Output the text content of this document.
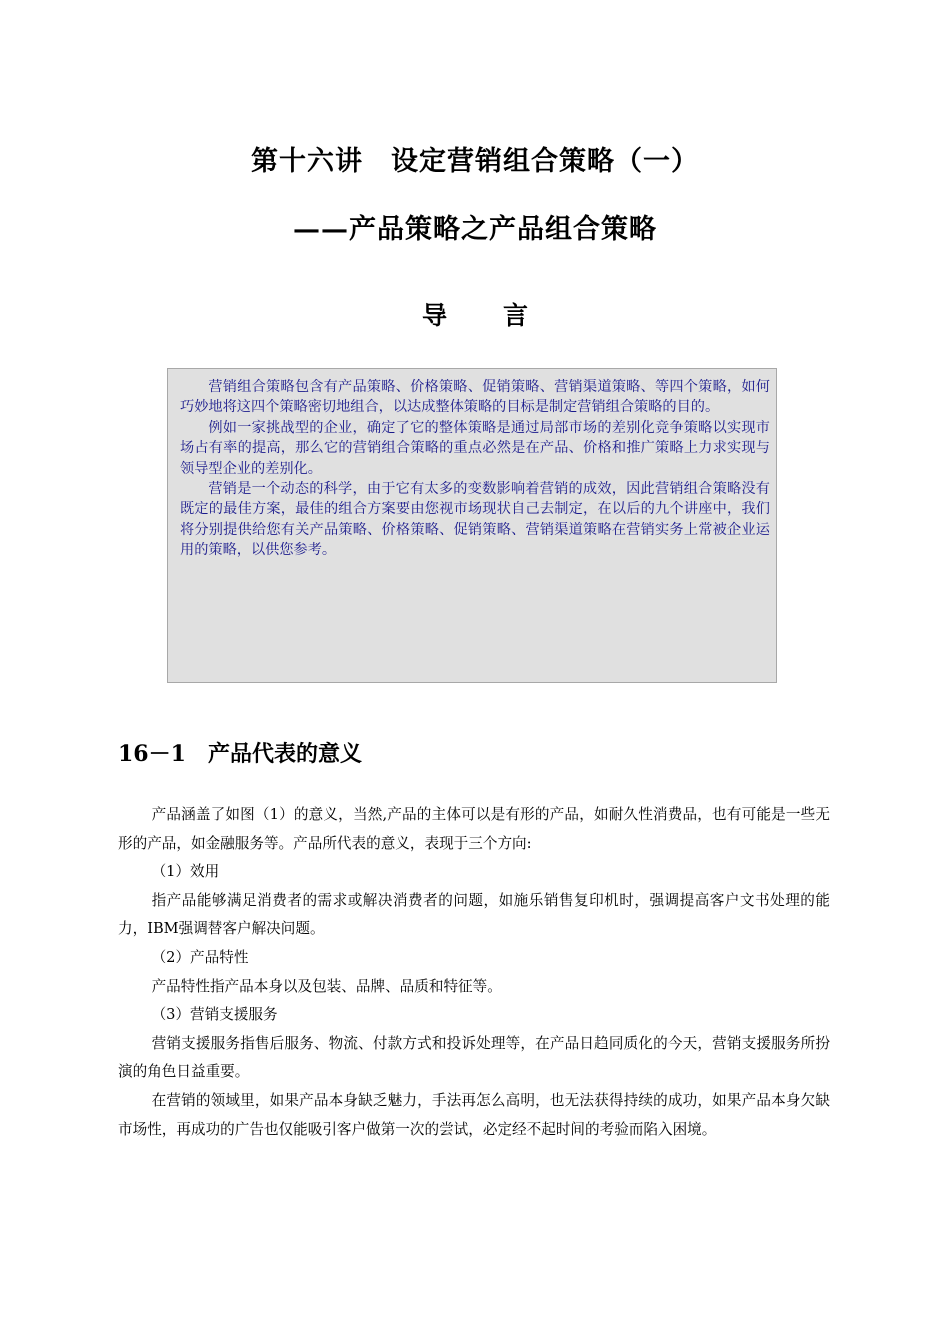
第十六讲 设定营销组合策略（一）
——产品策略之产品组合策略
导言

营销组合策略包含有产品策略、价格策略、促销策略、营销渠道策略、等四个策略，如何巧妙地将这四个策略密切地组合，以达成整体策略的目标是制定营销组合策略的目的。

例如一家挑战型的企业，确定了它的整体策略是通过局部市场的差别化竞争策略以实现市场占有率的提高，那么它的营销组合策略的重点必然是在产品、价格和推广策略上力求实现与领导型企业的差别化。

营销是一个动态的科学，由于它有太多的变数影响着营销的成效，因此营销组合策略没有既定的最佳方案，最佳的组合方案要由您视市场现状自己去制定，在以后的九个讲座中，我们将分别提供给您有关产品策略、价格策略、促销策略、营销渠道策略在营销实务上常被企业运用的策略，以供您参考。

16－1 产品代表的意义

产品涵盖了如图（1）的意义，当然,产品的主体可以是有形的产品，如耐久性消费品，也有可能是一些无形的产品，如金融服务等。产品所代表的意义，表现于三个方向:

（1）效用

指产品能够满足消费者的需求或解决消费者的问题，如施乐销售复印机时，强调提高客户文书处理的能力，IBM强调替客户解决问题。

（2）产品特性

产品特性指产品本身以及包装、品牌、品质和特征等。

（3）营销支援服务

营销支援服务指售后服务、物流、付款方式和投诉处理等，在产品日趋同质化的今天，营销支援服务所扮演的角色日益重要。

在营销的领域里，如果产品本身缺乏魅力，手法再怎么高明，也无法获得持续的成功，如果产品本身欠缺市场性，再成功的广告也仅能吸引客户做第一次的尝试，必定经不起时间的考验而陷入困境。
